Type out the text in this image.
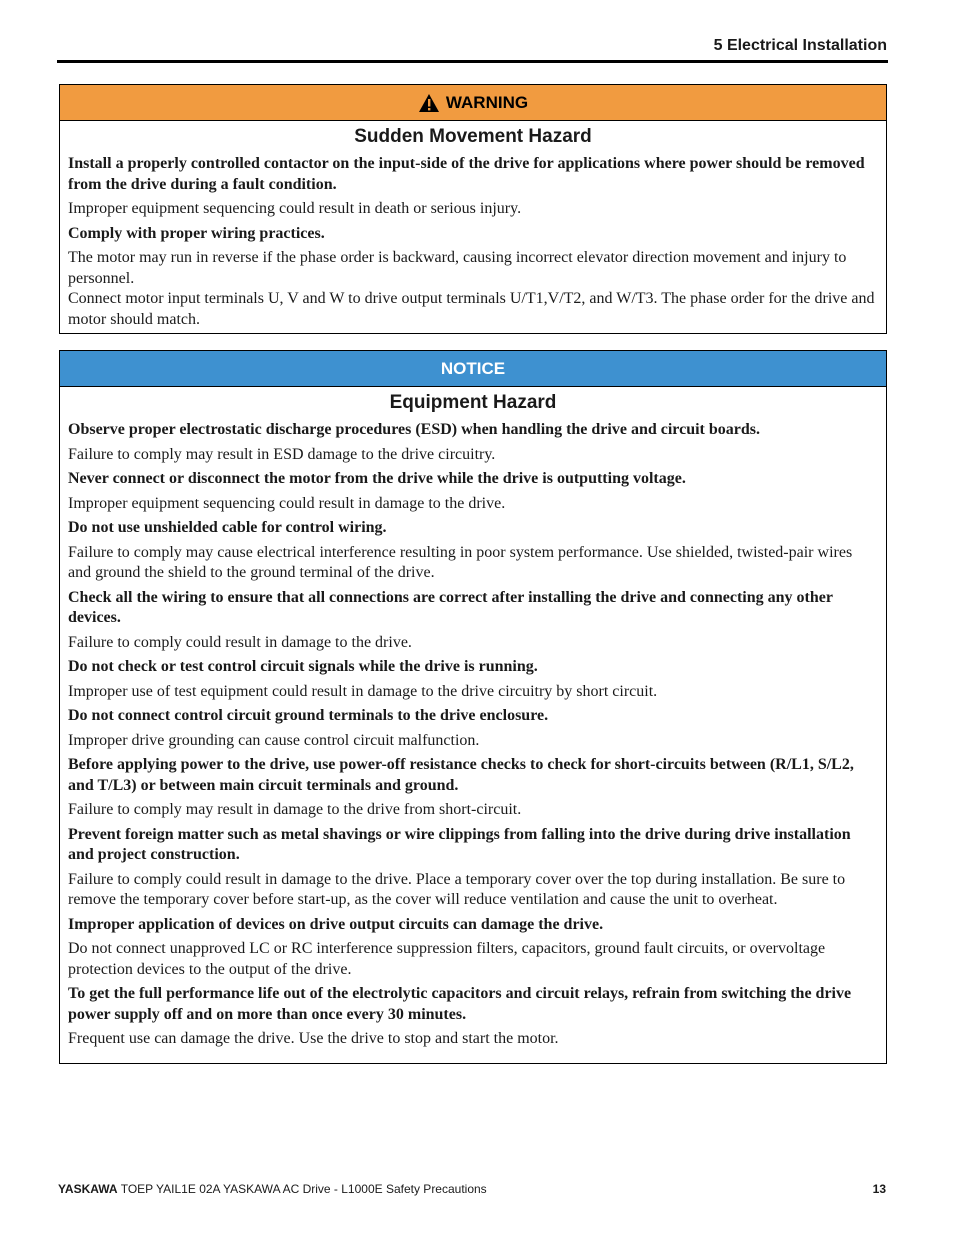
5 Electrical Installation
WARNING
Sudden Movement Hazard

Install a properly controlled contactor on the input-side of the drive for applications where power should be removed from the drive during a fault condition.

Improper equipment sequencing could result in death or serious injury.

Comply with proper wiring practices.

The motor may run in reverse if the phase order is backward, causing incorrect elevator direction movement and injury to personnel.

Connect motor input terminals U, V and W to drive output terminals U/T1,V/T2, and W/T3. The phase order for the drive and motor should match.

NOTICE
Equipment Hazard

Observe proper electrostatic discharge procedures (ESD) when handling the drive and circuit boards.

Failure to comply may result in ESD damage to the drive circuitry.

Never connect or disconnect the motor from the drive while the drive is outputting voltage.

Improper equipment sequencing could result in damage to the drive.

Do not use unshielded cable for control wiring.

Failure to comply may cause electrical interference resulting in poor system performance. Use shielded, twisted-pair wires and ground the shield to the ground terminal of the drive.

Check all the wiring to ensure that all connections are correct after installing the drive and connecting any other devices.

Failure to comply could result in damage to the drive.

Do not check or test control circuit signals while the drive is running.

Improper use of test equipment could result in damage to the drive circuitry by short circuit.

Do not connect control circuit ground terminals to the drive enclosure.

Improper drive grounding can cause control circuit malfunction.

Before applying power to the drive, use power-off resistance checks to check for short-circuits between (R/L1, S/L2, and T/L3) or between main circuit terminals and ground.

Failure to comply may result in damage to the drive from short-circuit.

Prevent foreign matter such as metal shavings or wire clippings from falling into the drive during drive installation and project construction.

Failure to comply could result in damage to the drive. Place a temporary cover over the top during installation. Be sure to remove the temporary cover before start-up, as the cover will reduce ventilation and cause the unit to overheat.

Improper application of devices on drive output circuits can damage the drive.

Do not connect unapproved LC or RC interference suppression filters, capacitors, ground fault circuits, or overvoltage protection devices to the output of the drive.

To get the full performance life out of the electrolytic capacitors and circuit relays, refrain from switching the drive power supply off and on more than once every 30 minutes.

Frequent use can damage the drive. Use the drive to stop and start the motor.

YASKAWA TOEP YAIL1E 02A YASKAWA AC Drive - L1000E Safety Precautions	13
